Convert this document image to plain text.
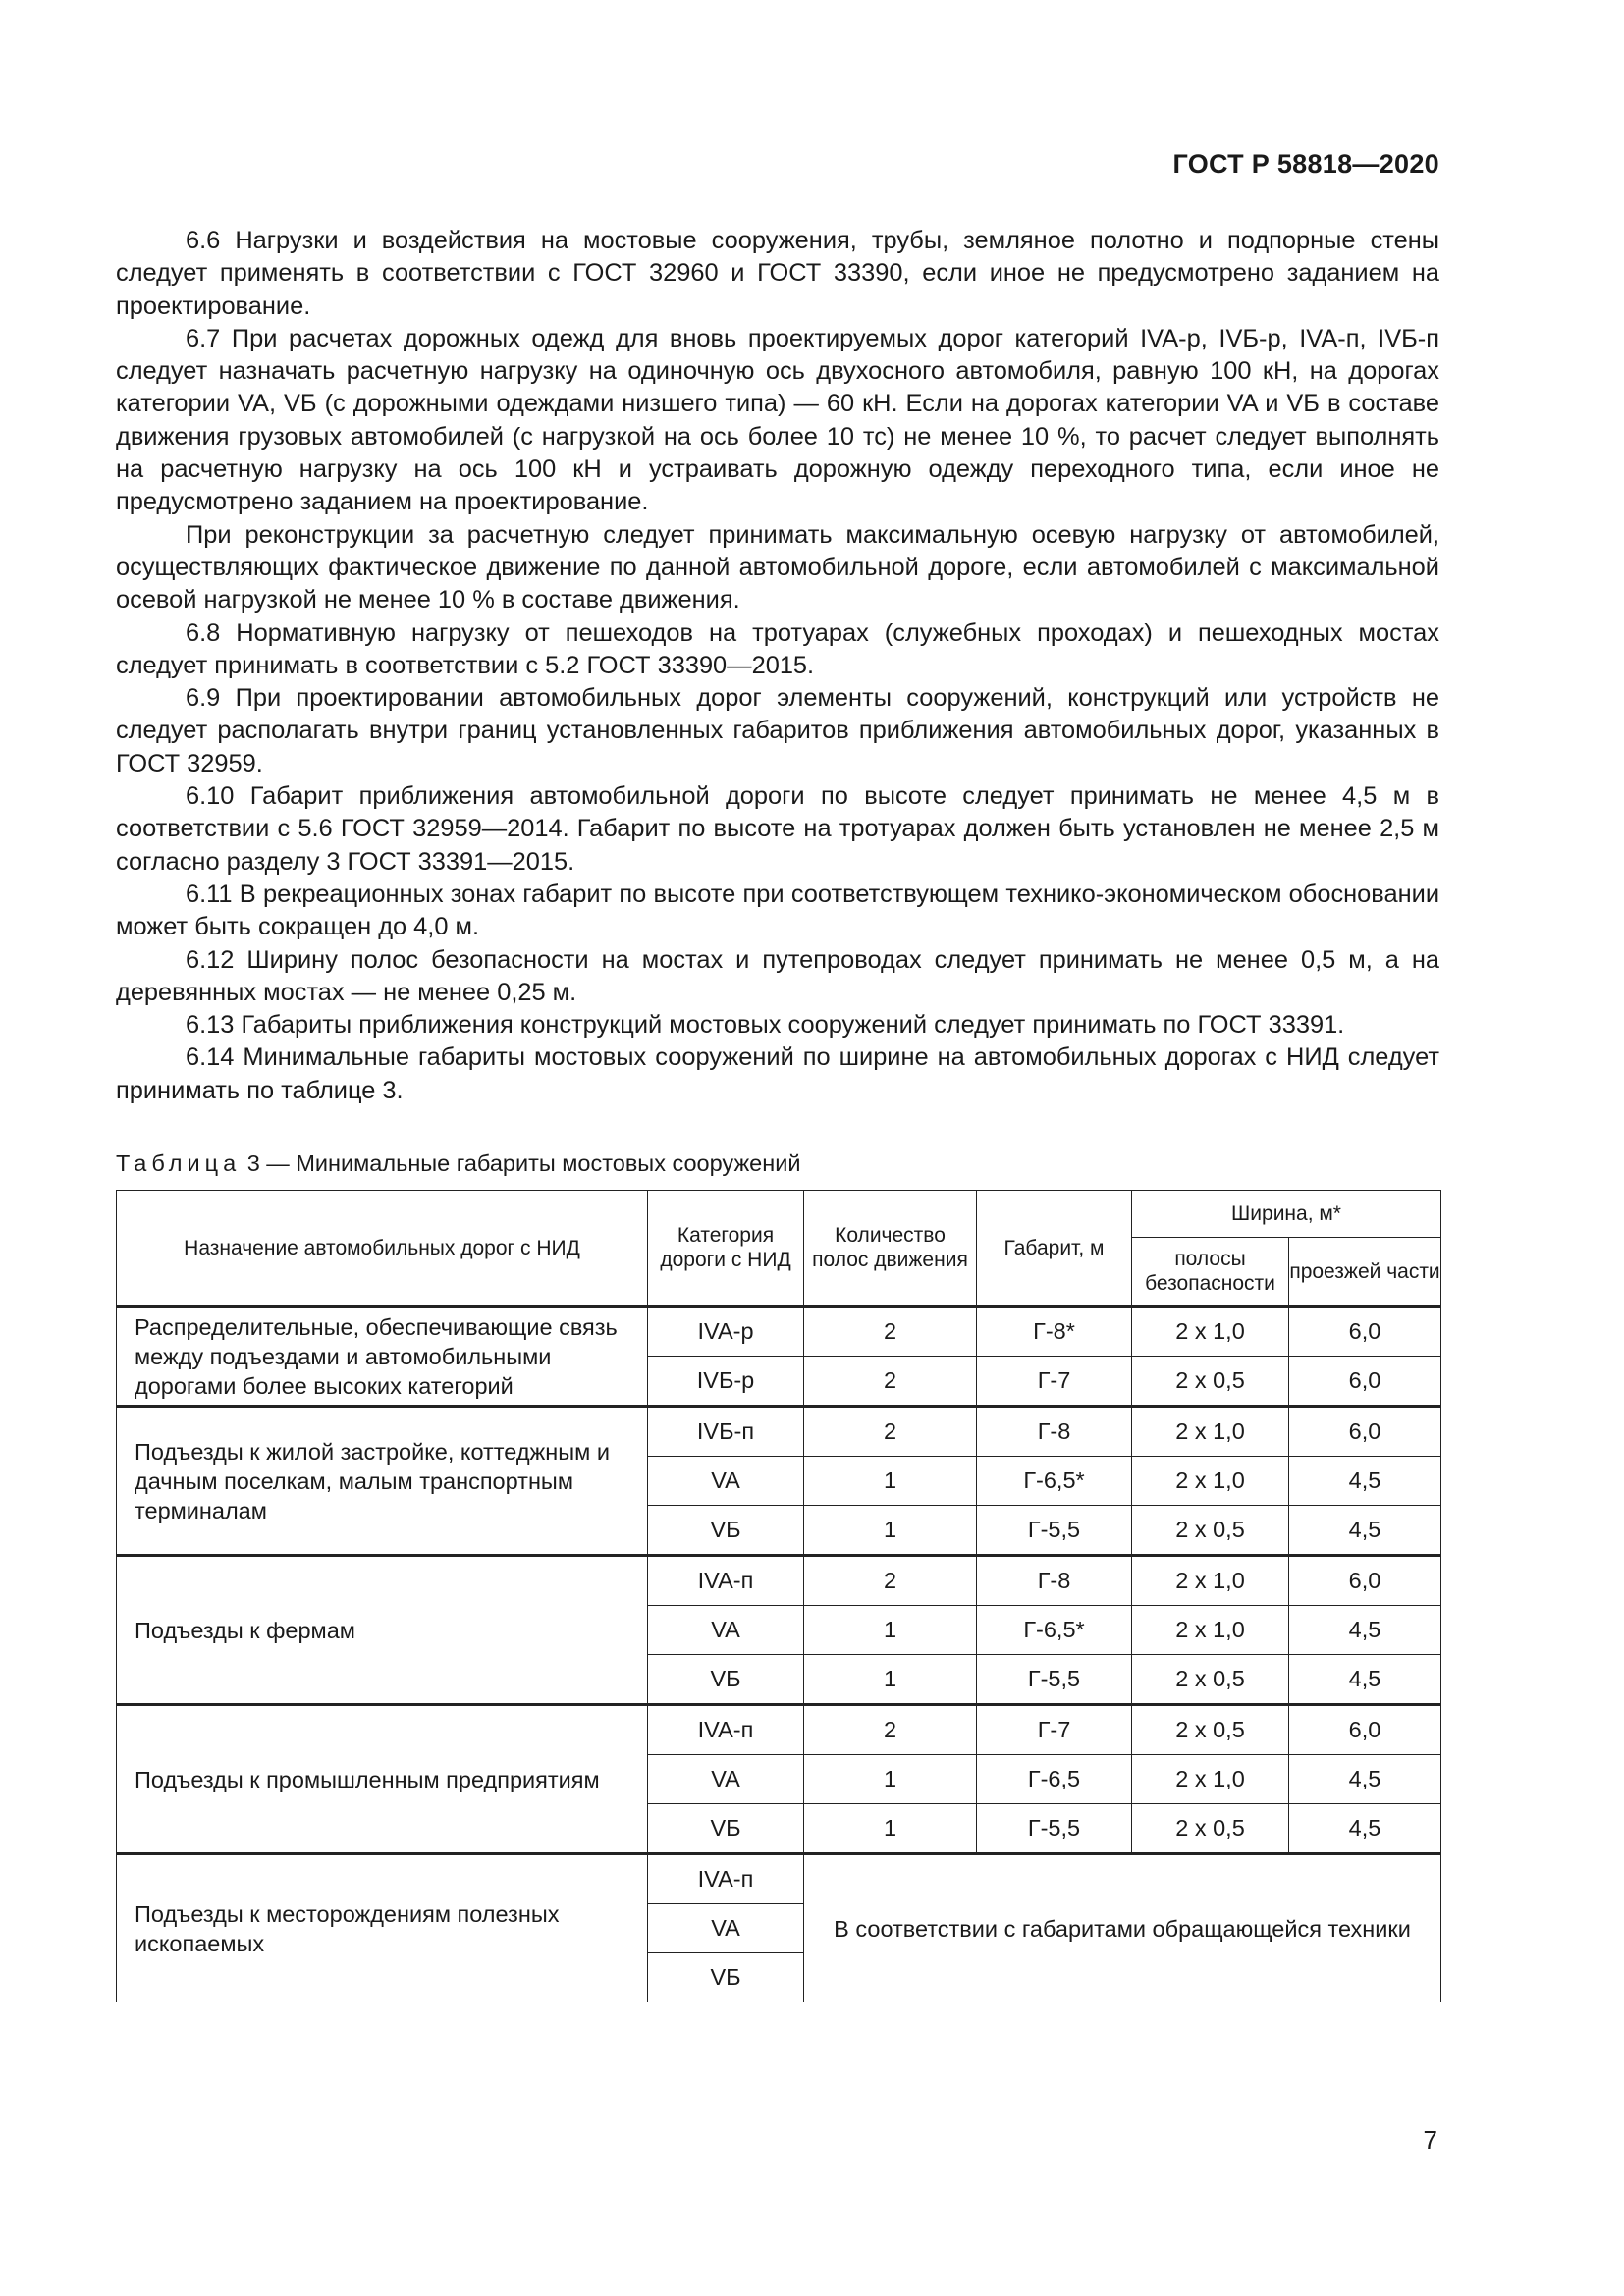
ГОСТ Р 58818—2020

6.6 Нагрузки и воздействия на мостовые сооружения, трубы, земляное полотно и подпорные стены следует применять в соответствии с ГОСТ 32960 и ГОСТ 33390, если иное не предусмотрено заданием на проектирование.

6.7 При расчетах дорожных одежд для вновь проектируемых дорог категорий IVA-р, IVБ-р, IVA-п, IVБ-п следует назначать расчетную нагрузку на одиночную ось двухосного автомобиля, равную 100 кН, на дорогах категории VA, VБ (с дорожными одеждами низшего типа) — 60 кН. Если на дорогах категории VA и VБ в составе движения грузовых автомобилей (с нагрузкой на ось более 10 тс) не менее 10 %, то расчет следует выполнять на расчетную нагрузку на ось 100 кН и устраивать дорожную одежду переходного типа, если иное не предусмотрено заданием на проектирование.

При реконструкции за расчетную следует принимать максимальную осевую нагрузку от автомобилей, осуществляющих фактическое движение по данной автомобильной дороге, если автомобилей с максимальной осевой нагрузкой не менее 10 % в составе движения.

6.8 Нормативную нагрузку от пешеходов на тротуарах (служебных проходах) и пешеходных мостах следует принимать в соответствии с 5.2 ГОСТ 33390—2015.

6.9 При проектировании автомобильных дорог элементы сооружений, конструкций или устройств не следует располагать внутри границ установленных габаритов приближения автомобильных дорог, указанных в ГОСТ 32959.

6.10 Габарит приближения автомобильной дороги по высоте следует принимать не менее 4,5 м в соответствии с 5.6 ГОСТ 32959—2014. Габарит по высоте на тротуарах должен быть установлен не менее 2,5 м согласно разделу 3 ГОСТ 33391—2015.

6.11 В рекреационных зонах габарит по высоте при соответствующем технико-экономическом обосновании может быть сокращен до 4,0 м.

6.12 Ширину полос безопасности на мостах и путепроводах следует принимать не менее 0,5 м, а на деревянных мостах — не менее 0,25 м.

6.13 Габариты приближения конструкций мостовых сооружений следует принимать по ГОСТ 33391.

6.14 Минимальные габариты мостовых сооружений по ширине на автомобильных дорогах с НИД следует принимать по таблице 3.

Таблица 3 — Минимальные габариты мостовых сооружений
Назначение автомобильных дорог с НИД	Категория дороги с НИД	Количество полос движения	Габарит, м	Ширина, м*	
				полосы безопасности	проезжей части
Распределительные, обеспечивающие связь между подъездами и автомобильными дорогами более высоких категорий	IVA-р	2	Г-8*	2 x 1,0	6,0
	IVБ-р	2	Г-7	2 x 0,5	6,0
Подъезды к жилой застройке, коттеджным и дачным поселкам, малым транспортным терминалам	IVБ-п	2	Г-8	2 x 1,0	6,0
	VA	1	Г-6,5*	2 x 1,0	4,5
	VБ	1	Г-5,5	2 x 0,5	4,5
Подъезды к фермам	IVA-п	2	Г-8	2 x 1,0	6,0
	VA	1	Г-6,5*	2 x 1,0	4,5
	VБ	1	Г-5,5	2 x 0,5	4,5
Подъезды к промышленным предприятиям	IVA-п	2	Г-7	2 x 0,5	6,0
	VA	1	Г-6,5	2 x 1,0	4,5
	VБ	1	Г-5,5	2 x 0,5	4,5
Подъезды к месторождениям полезных ископаемых	IVA-п	В соответствии с габаритами обращающейся техники			
	VA				
	VБ				
7
